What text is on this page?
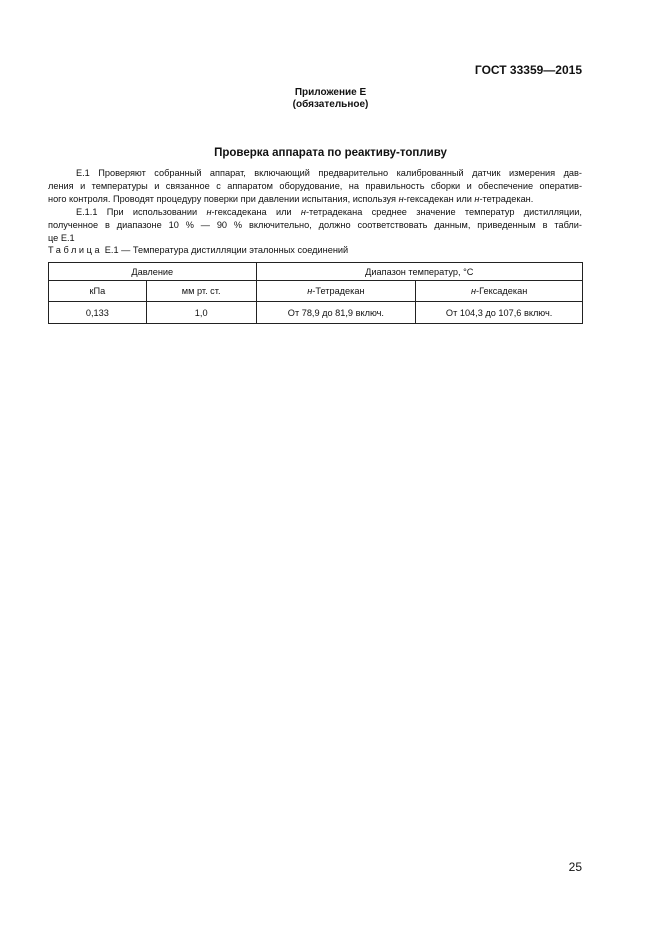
ГОСТ 33359—2015
Приложение Е
(обязательное)
Проверка аппарата по реактиву-топливу
Е.1 Проверяют собранный аппарат, включающий предварительно калиброванный датчик измерения дав-
ления и температуры и связанное с аппаратом оборудование, на правильность сборки и обеспечение оператив-
ного контроля. Проводят процедуру поверки при давлении испытания, используя н-гексадекан или н-тетрадекан.
Е.1.1 При использовании н-гексадекана или н-тетрадекана среднее значение температур дистилляции,
полученное в диапазоне 10 % — 90 % включительно, должно соответствовать данным, приведенным в табли-
це Е.1
Таблица Е.1 — Температура дистилляции эталонных соединений
Давление		Диапазон температур, °С	
кПа	мм рт. ст.	н-Тетрадекан	н-Гексадекан
0,133	1,0	От 78,9 до 81,9 включ.	От 104,3 до 107,6 включ.
25
